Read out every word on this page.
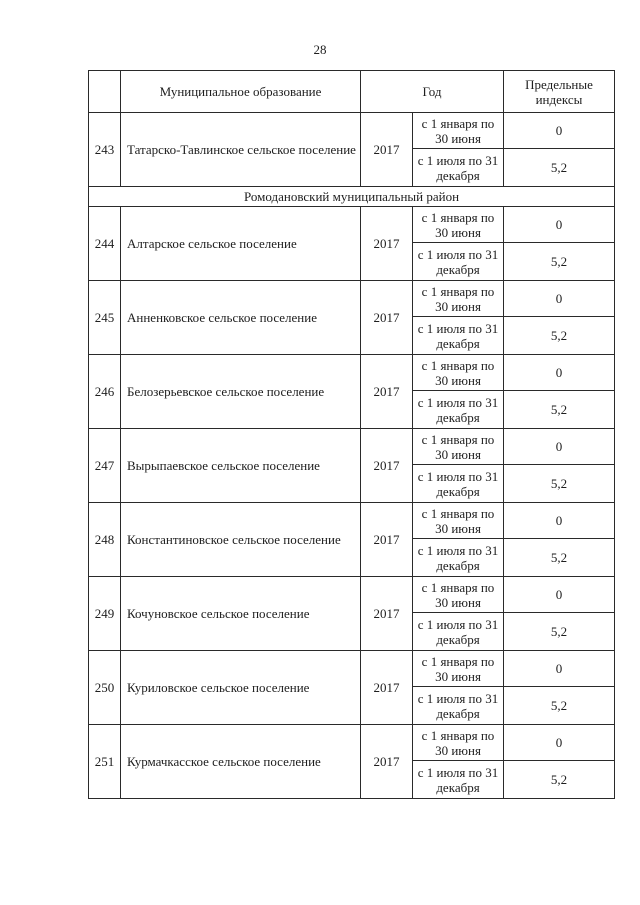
28
	Муниципальное образование	Год		Предельные индексы
243	Татарско-Тавлинское сельское поселение	2017	с 1 января по 30 июня	0
			с 1 июля по 31 декабря	5,2
Ромодановский муниципальный район				
244	Алтарское сельское поселение	2017	с 1 января по 30 июня	0
			с 1 июля по 31 декабря	5,2
245	Анненковское сельское поселение	2017	с 1 января по 30 июня	0
			с 1 июля по 31 декабря	5,2
246	Белозерьевское сельское поселение	2017	с 1 января по 30 июня	0
			с 1 июля по 31 декабря	5,2
247	Вырыпаевское сельское поселение	2017	с 1 января по 30 июня	0
			с 1 июля по 31 декабря	5,2
248	Константиновское сельское поселение	2017	с 1 января по 30 июня	0
			с 1 июля по 31 декабря	5,2
249	Кочуновское сельское поселение	2017	с 1 января по 30 июня	0
			с 1 июля по 31 декабря	5,2
250	Куриловское сельское поселение	2017	с 1 января по 30 июня	0
			с 1 июля по 31 декабря	5,2
251	Курмачкасское сельское поселение	2017	с 1 января по 30 июня	0
			с 1 июля по 31 декабря	5,2
